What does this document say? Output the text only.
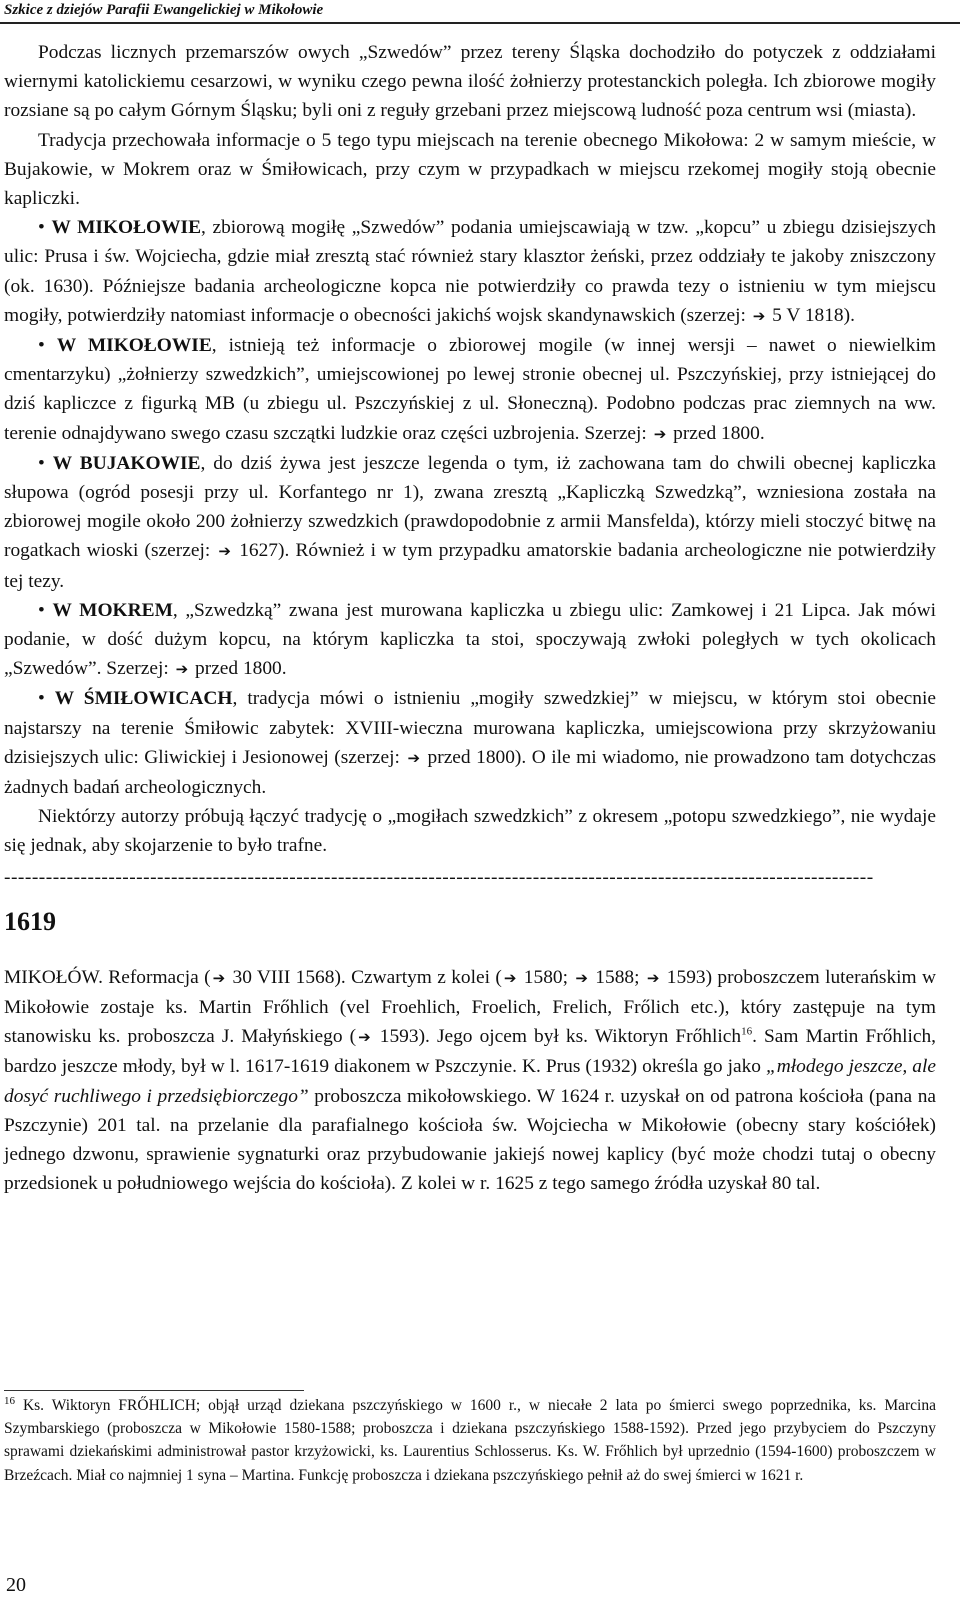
Szkice z dziejów Parafii Ewangelickiej w Mikołowie

Podczas licznych przemarszów owych „Szwedów” przez tereny Śląska dochodziło do potyczek z oddziałami wiernymi katolickiemu cesarzowi, w wyniku czego pewna ilość żołnierzy protestanckich poległa. Ich zbiorowe mogiły rozsiane są po całym Górnym Śląsku; byli oni z reguły grzebani przez miejscową ludność poza centrum wsi (miasta).

Tradycja przechowała informacje o 5 tego typu miejscach na terenie obecnego Mikołowa: 2 w samym mieście, w Bujakowie, w Mokrem oraz w Śmiłowicach, przy czym w przypadkach w miejscu rzekomej mogiły stoją obecnie kapliczki.

• W MIKOŁOWIE, zbiorową mogiłę „Szwedów” podania umiejscawiają w tzw. „kopcu” u zbiegu dzisiejszych ulic: Prusa i św. Wojciecha, gdzie miał zresztą stać również stary klasztor żeński, przez oddziały te jakoby zniszczony (ok. 1630). Późniejsze badania archeologiczne kopca nie potwierdziły co prawda tezy o istnieniu w tym miejscu mogiły, potwierdziły natomiast informacje o obecności jakichś wojsk skandynawskich (szerzej: ➔ 5 V 1818).

• W MIKOŁOWIE, istnieją też informacje o zbiorowej mogile (w innej wersji – nawet o niewielkim cmentarzyku) „żołnierzy szwedzkich”, umiejscowionej po lewej stronie obecnej ul. Pszczyńskiej, przy istniejącej do dziś kapliczce z figurką MB (u zbiegu ul. Pszczyńskiej z ul. Słoneczną). Podobno podczas prac ziemnych na ww. terenie odnajdywano swego czasu szczątki ludzkie oraz części uzbrojenia. Szerzej: ➔ przed 1800.

• W BUJAKOWIE, do dziś żywa jest jeszcze legenda o tym, iż zachowana tam do chwili obecnej kapliczka słupowa (ogród posesji przy ul. Korfantego nr 1), zwana zresztą „Kapliczką Szwedzką”, wzniesiona została na zbiorowej mogile około 200 żołnierzy szwedzkich (prawdopodobnie z armii Mansfelda), którzy mieli stoczyć bitwę na rogatkach wioski (szerzej: ➔ 1627). Również i w tym przypadku amatorskie badania archeologiczne nie potwierdziły tej tezy.

• W MOKREM, „Szwedzką” zwana jest murowana kapliczka u zbiegu ulic: Zamkowej i 21 Lipca. Jak mówi podanie, w dość dużym kopcu, na którym kapliczka ta stoi, spoczywają zwłoki poległych w tych okolicach „Szwedów”. Szerzej: ➔ przed 1800.

• W ŚMIŁOWICACH, tradycja mówi o istnieniu „mogiły szwedzkiej” w miejscu, w którym stoi obecnie najstarszy na terenie Śmiłowic zabytek: XVIII-wieczna murowana kapliczka, umiejscowiona przy skrzyżowaniu dzisiejszych ulic: Gliwickiej i Jesionowej (szerzej: ➔ przed 1800). O ile mi wiadomo, nie prowadzono tam dotychczas żadnych badań archeologicznych.

Niektórzy autorzy próbują łączyć tradycję o „mogiłach szwedzkich” z okresem „potopu szwedzkiego”, nie wydaje się jednak, aby skojarzenie to było trafne.

-----------------------------------------------------------------------------------------------------------------------------
1619

MIKOŁÓW. Reformacja ( ➔ 30 VIII 1568). Czwartym z kolei ( ➔ 1580; ➔ 1588; ➔ 1593) proboszczem luterańskim w Mikołowie zostaje ks. Martin Frőhlich (vel Froehlich, Froelich, Frelich, Frőlich etc.), który zastępuje na tym stanowisku ks. proboszcza J. Małyńskiego ( ➔ 1593). Jego ojcem był ks. Wiktoryn Frőhlich$^{16}$. Sam Martin Frőhlich, bardzo jeszcze młody, był w l. 1617-1619 diakonem w Pszczynie. K. Prus (1932) określa go jako „młodego jeszcze, ale dosyć ruchliwego i przedsiębiorczego” proboszcza mikołowskiego. W 1624 r. uzyskał on od patrona kościoła (pana na Pszczynie) 201 tal. na przelanie dla parafialnego kościoła św. Wojciecha w Mikołowie (obecny stary kościółek) jednego dzwonu, sprawienie sygnaturki oraz przybudowanie jakiejś nowej kaplicy (być może chodzi tutaj o obecny przedsionek u południowego wejścia do kościoła). Z kolei w r. 1625 z tego samego źródła uzyskał 80 tal.

$^{16}$ Ks. Wiktoryn FRŐHLICH; objął urząd dziekana pszczyńskiego w 1600 r., w niecałe 2 lata po śmierci swego poprzednika, ks. Marcina Szymbarskiego (proboszcza w Mikołowie 1580-1588; proboszcza i dziekana pszczyńskiego 1588-1592). Przed jego przybyciem do Pszczyny sprawami dziekańskimi administrował pastor krzyżowicki, ks. Laurentius Schlosserus. Ks. W. Frőhlich był uprzednio (1594-1600) proboszczem w Brzeźcach. Miał co najmniej 1 syna – Martina. Funkcję proboszcza i dziekana pszczyńskiego pełnił aż do swej śmierci w 1621 r.
20
